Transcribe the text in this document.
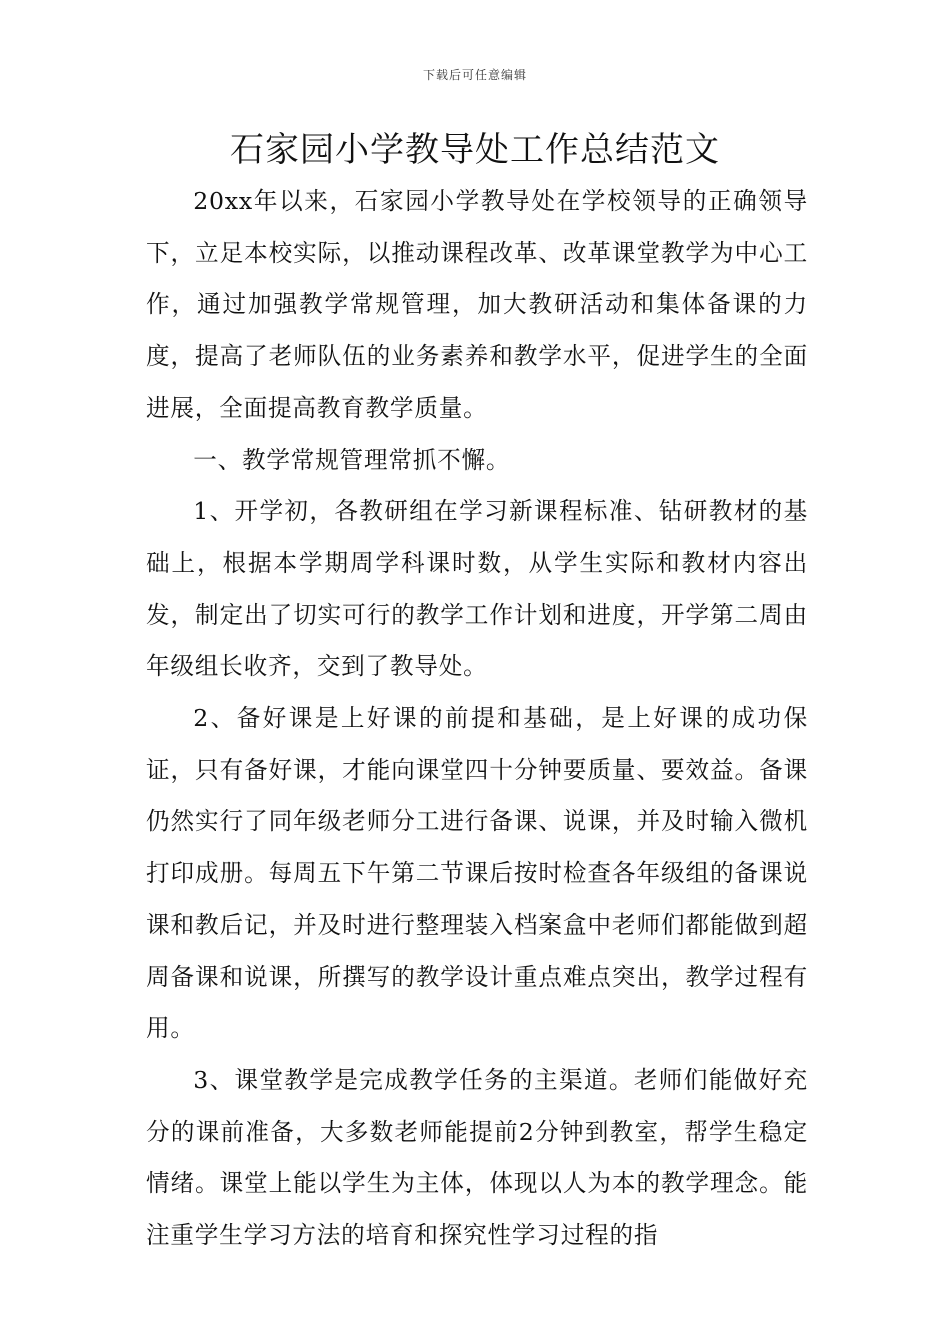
下载后可任意编辑
石家园小学教导处工作总结范文

20xx年以来，石家园小学教导处在学校领导的正确领导下，立足本校实际，以推动课程改革、改革课堂教学为中心工作，通过加强教学常规管理，加大教研活动和集体备课的力度，提高了老师队伍的业务素养和教学水平，促进学生的全面进展，全面提高教育教学质量。

一、教学常规管理常抓不懈。

1、开学初，各教研组在学习新课程标准、钻研教材的基础上，根据本学期周学科课时数，从学生实际和教材内容出发，制定出了切实可行的教学工作计划和进度，开学第二周由年级组长收齐，交到了教导处。

2、备好课是上好课的前提和基础，是上好课的成功保证，只有备好课，才能向课堂四十分钟要质量、要效益。备课仍然实行了同年级老师分工进行备课、说课，并及时输入微机打印成册。每周五下午第二节课后按时检查各年级组的备课说课和教后记，并及时进行整理装入档案盒中老师们都能做到超周备课和说课，所撰写的教学设计重点难点突出，教学过程有用。

3、课堂教学是完成教学任务的主渠道。老师们能做好充分的课前准备，大多数老师能提前2分钟到教室，帮学生稳定情绪。课堂上能以学生为主体，体现以人为本的教学理念。能注重学生学习方法的培育和探究性学习过程的指
